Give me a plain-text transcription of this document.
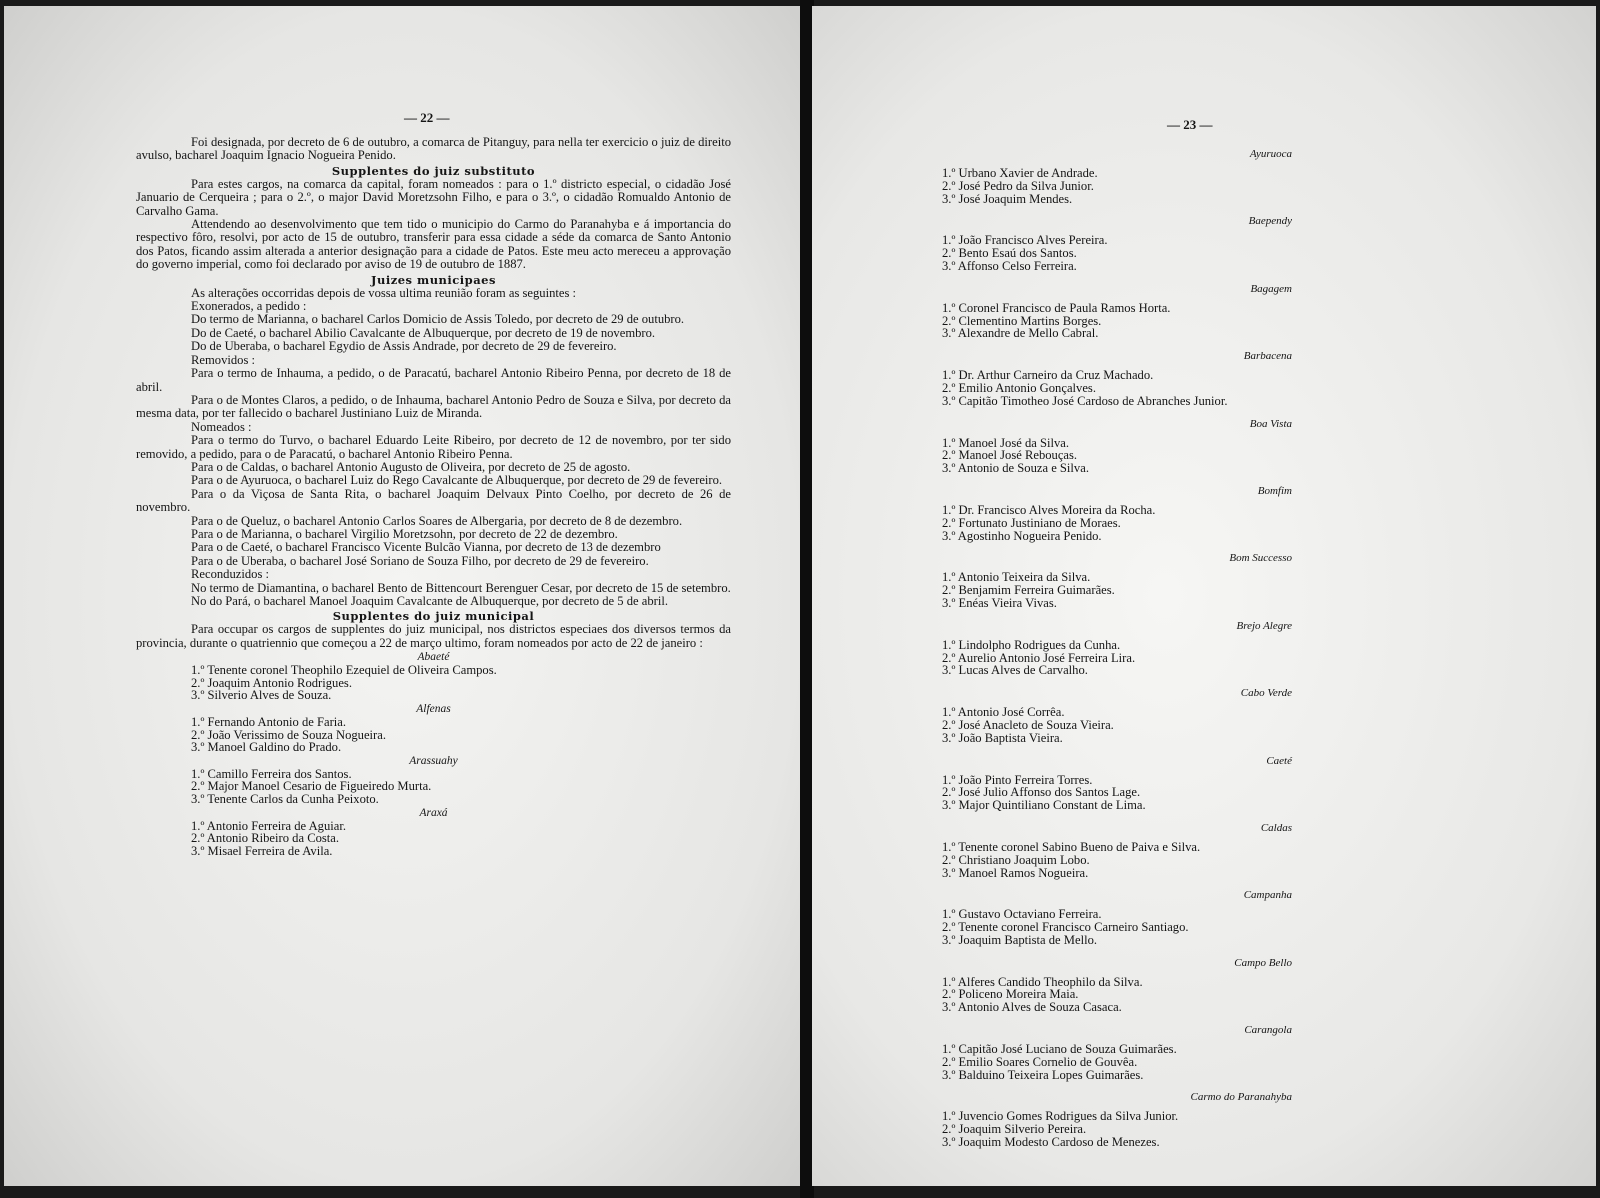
— 22 —

Foi designada, por decreto de 6 de outubro, a comarca de Pitanguy, para nella ter exercicio o juiz de direito avulso, bacharel Joaquim Ignacio Nogueira Penido.

Supplentes do juiz substituto

Para estes cargos, na comarca da capital, foram nomeados : para o 1.º districto especial, o cidadão José Januario de Cerqueira ; para o 2.º, o major David Moretzsohn Filho, e para o 3.º, o cidadão Romualdo Antonio de Carvalho Gama.

Attendendo ao desenvolvimento que tem tido o municipio do Carmo do Paranahyba e á importancia do respectivo fôro, resolvi, por acto de 15 de outubro, transferir para essa cidade a séde da comarca de Santo Antonio dos Patos, ficando assim alterada a anterior designação para a cidade de Patos. Este meu acto mereceu a approvação do governo imperial, como foi declarado por aviso de 19 de outubro de 1887.

Juizes municipaes

As alterações occorridas depois de vossa ultima reunião foram as seguintes :

Exonerados, a pedido :

Do termo de Marianna, o bacharel Carlos Domicio de Assis Toledo, por decreto de 29 de outubro.

Do de Caeté, o bacharel Abilio Cavalcante de Albuquerque, por decreto de 19 de novembro.

Do de Uberaba, o bacharel Egydio de Assis Andrade, por decreto de 29 de fevereiro.

Removidos :

Para o termo de Inhauma, a pedido, o de Paracatú, bacharel Antonio Ribeiro Penna, por decreto de 18 de abril.

Para o de Montes Claros, a pedido, o de Inhauma, bacharel Antonio Pedro de Souza e Silva, por decreto da mesma data, por ter fallecido o bacharel Justiniano Luiz de Miranda.

Nomeados :

Para o termo do Turvo, o bacharel Eduardo Leite Ribeiro, por decreto de 12 de novembro, por ter sido removido, a pedido, para o de Paracatú, o bacharel Antonio Ribeiro Penna.

Para o de Caldas, o bacharel Antonio Augusto de Oliveira, por decreto de 25 de agosto.

Para o de Ayuruoca, o bacharel Luiz do Rego Cavalcante de Albuquerque, por decreto de 29 de fevereiro.

Para o da Viçosa de Santa Rita, o bacharel Joaquim Delvaux Pinto Coelho, por decreto de 26 de novembro.

Para o de Queluz, o bacharel Antonio Carlos Soares de Albergaria, por decreto de 8 de dezembro.

Para o de Marianna, o bacharel Virgilio Moretzsohn, por decreto de 22 de dezembro.

Para o de Caeté, o bacharel Francisco Vicente Bulcão Vianna, por decreto de 13 de dezembro

Para o de Uberaba, o bacharel José Soriano de Souza Filho, por decreto de 29 de fevereiro.

Reconduzidos :

No termo de Diamantina, o bacharel Bento de Bittencourt Berenguer Cesar, por decreto de 15 de setembro.

No do Pará, o bacharel Manoel Joaquim Cavalcante de Albuquerque, por decreto de 5 de abril.

Supplentes do juiz municipal

Para occupar os cargos de supplentes do juiz municipal, nos districtos especiaes dos diversos termos da provincia, durante o quatriennio que começou a 22 de março ultimo, foram nomeados por acto de 22 de janeiro :

Abaeté
1.º Tenente coronel Theophilo Ezequiel de Oliveira Campos.
2.º Joaquim Antonio Rodrigues.
3.º Silverio Alves de Souza.
Alfenas
1.º Fernando Antonio de Faria.
2.º João Verissimo de Souza Nogueira.
3.º Manoel Galdino do Prado.
Arassuahy
1.º Camillo Ferreira dos Santos.
2.º Major Manoel Cesario de Figueiredo Murta.
3.º Tenente Carlos da Cunha Peixoto.
Araxá
1.º Antonio Ferreira de Aguiar.
2.º Antonio Ribeiro da Costa.
3.º Misael Ferreira de Avila.
— 23 —
Ayuruoca
1.º Urbano Xavier de Andrade.
2.º José Pedro da Silva Junior.
3.º José Joaquim Mendes.
Baependy
1.º João Francisco Alves Pereira.
2.º Bento Esaú dos Santos.
3.º Affonso Celso Ferreira.
Bagagem
1.º Coronel Francisco de Paula Ramos Horta.
2.º Clementino Martins Borges.
3.º Alexandre de Mello Cabral.
Barbacena
1.º Dr. Arthur Carneiro da Cruz Machado.
2.º Emilio Antonio Gonçalves.
3.º Capitão Timotheo José Cardoso de Abranches Junior.
Boa Vista
1.º Manoel José da Silva.
2.º Manoel José Rebouças.
3.º Antonio de Souza e Silva.
Bomfim
1.º Dr. Francisco Alves Moreira da Rocha.
2.º Fortunato Justiniano de Moraes.
3.º Agostinho Nogueira Penido.
Bom Successo
1.º Antonio Teixeira da Silva.
2.º Benjamim Ferreira Guimarães.
3.º Enéas Vieira Vivas.
Brejo Alegre
1.º Lindolpho Rodrigues da Cunha.
2.º Aurelio Antonio José Ferreira Lira.
3.º Lucas Alves de Carvalho.
Cabo Verde
1.º Antonio José Corrêa.
2.º José Anacleto de Souza Vieira.
3.º João Baptista Vieira.
Caeté
1.º João Pinto Ferreira Torres.
2.º José Julio Affonso dos Santos Lage.
3.º Major Quintiliano Constant de Lima.
Caldas
1.º Tenente coronel Sabino Bueno de Paiva e Silva.
2.º Christiano Joaquim Lobo.
3.º Manoel Ramos Nogueira.
Campanha
1.º Gustavo Octaviano Ferreira.
2.º Tenente coronel Francisco Carneiro Santiago.
3.º Joaquim Baptista de Mello.
Campo Bello
1.º Alferes Candido Theophilo da Silva.
2.º Policeno Moreira Maia.
3.º Antonio Alves de Souza Casaca.
Carangola
1.º Capitão José Luciano de Souza Guimarães.
2.º Emilio Soares Cornelio de Gouvêa.
3.º Balduino Teixeira Lopes Guimarães.
Carmo do Paranahyba
1.º Juvencio Gomes Rodrigues da Silva Junior.
2.º Joaquim Silverio Pereira.
3.º Joaquim Modesto Cardoso de Menezes.
